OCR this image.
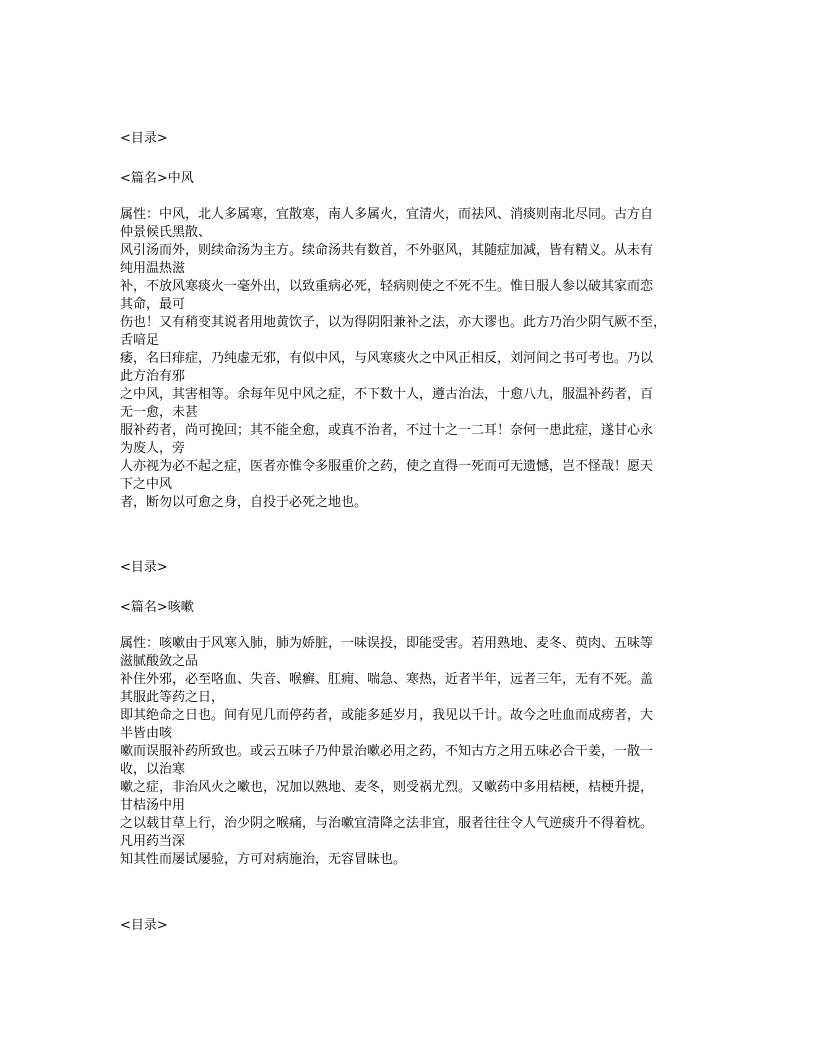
<目录>
<篇名>中风
属性：中风，北人多属寒，宜散寒，南人多属火，宜清火，而祛风、消痰则南北尽同。古方自
仲景候氏黑散、
风引汤而外，则续命汤为主方。续命汤共有数首，不外驱风，其随症加减，皆有精义。从未有
纯用温热滋
补，不放风寒痰火一毫外出，以致重病必死，轻病则使之不死不生。惟日服人参以破其家而恋
其命，最可
伤也！又有稍变其说者用地黄饮子，以为得阴阳兼补之法，亦大谬也。此方乃治少阴气厥不至，
舌喑足
痿，名曰痱症，乃纯虚无邪，有似中风，与风寒痰火之中风正相反，刘河间之书可考也。乃以
此方治有邪
之中风，其害相等。余每年见中风之症，不下数十人，遵古治法，十愈八九，服温补药者，百
无一愈，未甚
服补药者，尚可挽回；其不能全愈，或真不治者，不过十之一二耳！奈何一患此症，遂甘心永
为废人，旁
人亦视为必不起之症，医者亦惟令多服重价之药，使之直得一死而可无遗憾，岂不怪哉！愿天
下之中风
者，断勿以可愈之身，自投于必死之地也。
<目录>
<篇名>咳嗽
属性：咳嗽由于风寒入肺，肺为娇脏，一味误投，即能受害。若用熟地、麦冬、萸肉、五味等
滋腻酸敛之品
补住外邪，必至咯血、失音、喉癣、肛痈、喘急、寒热，近者半年，远者三年，无有不死。盖
其服此等药之日，
即其绝命之日也。间有见几而停药者，或能多延岁月，我见以千计。故今之吐血而成痨者，大
半皆由咳
嗽而误服补药所致也。或云五味子乃仲景治嗽必用之药，不知古方之用五味必合干姜，一散一
收，以治寒
嗽之症，非治风火之嗽也，况加以熟地、麦冬，则受祸尤烈。又嗽药中多用桔梗，桔梗升提，
甘桔汤中用
之以载甘草上行，治少阴之喉痛，与治嗽宜清降之法非宜，服者往往令人气逆痰升不得着枕。
凡用药当深
知其性而屡试屡验，方可对病施治，无容冒昧也。
<目录>
